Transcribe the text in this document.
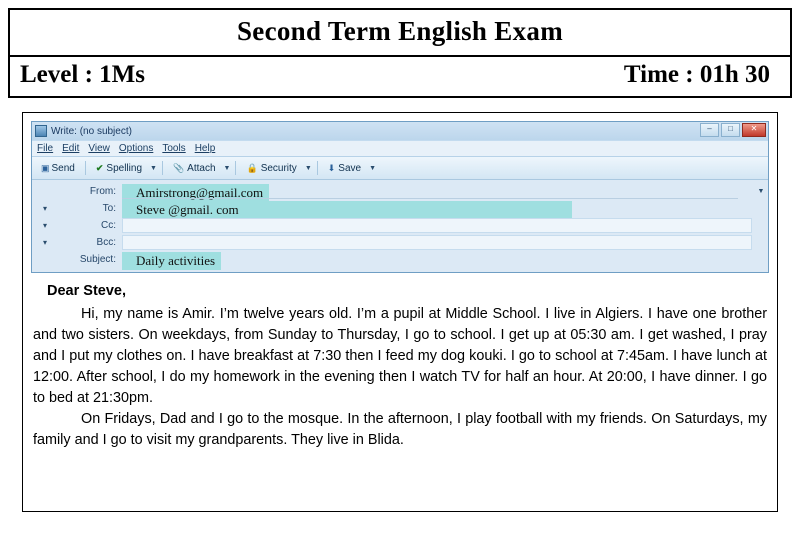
Second Term English Exam
Level : 1Ms	Time : 01h 30
Write: (no subject)	–	□	✕
File Edit View Options Tools Help
▣ Send ✔ Spelling ▼ 📎 Attach ▼ 🔒 Security ▼ ⬇ Save ▼
From:	Amirstrong@gmail.com	▼
▾	To:	Steve @gmail. com
▾	Cc:
▾	Bcc:
Subject:	Daily activities
Dear Steve,

Hi, my name is Amir. I’m twelve years old. I’m a pupil at Middle School. I live in Algiers. I have one brother and two sisters. On weekdays, from Sunday to Thursday, I go to school. I get up at 05:30 am. I get washed, I pray and I put my clothes on. I have breakfast at 7:30 then I feed my dog kouki. I go to school at 7:45am. I have lunch at 12:00. After school, I do my homework in the evening then I watch TV for half an hour. At 20:00, I have dinner. I go to bed at 21:30pm.

On Fridays, Dad and I go to the mosque. In the afternoon, I play football with my friends. On Saturdays, my family and I go to visit my grandparents. They live in Blida.
